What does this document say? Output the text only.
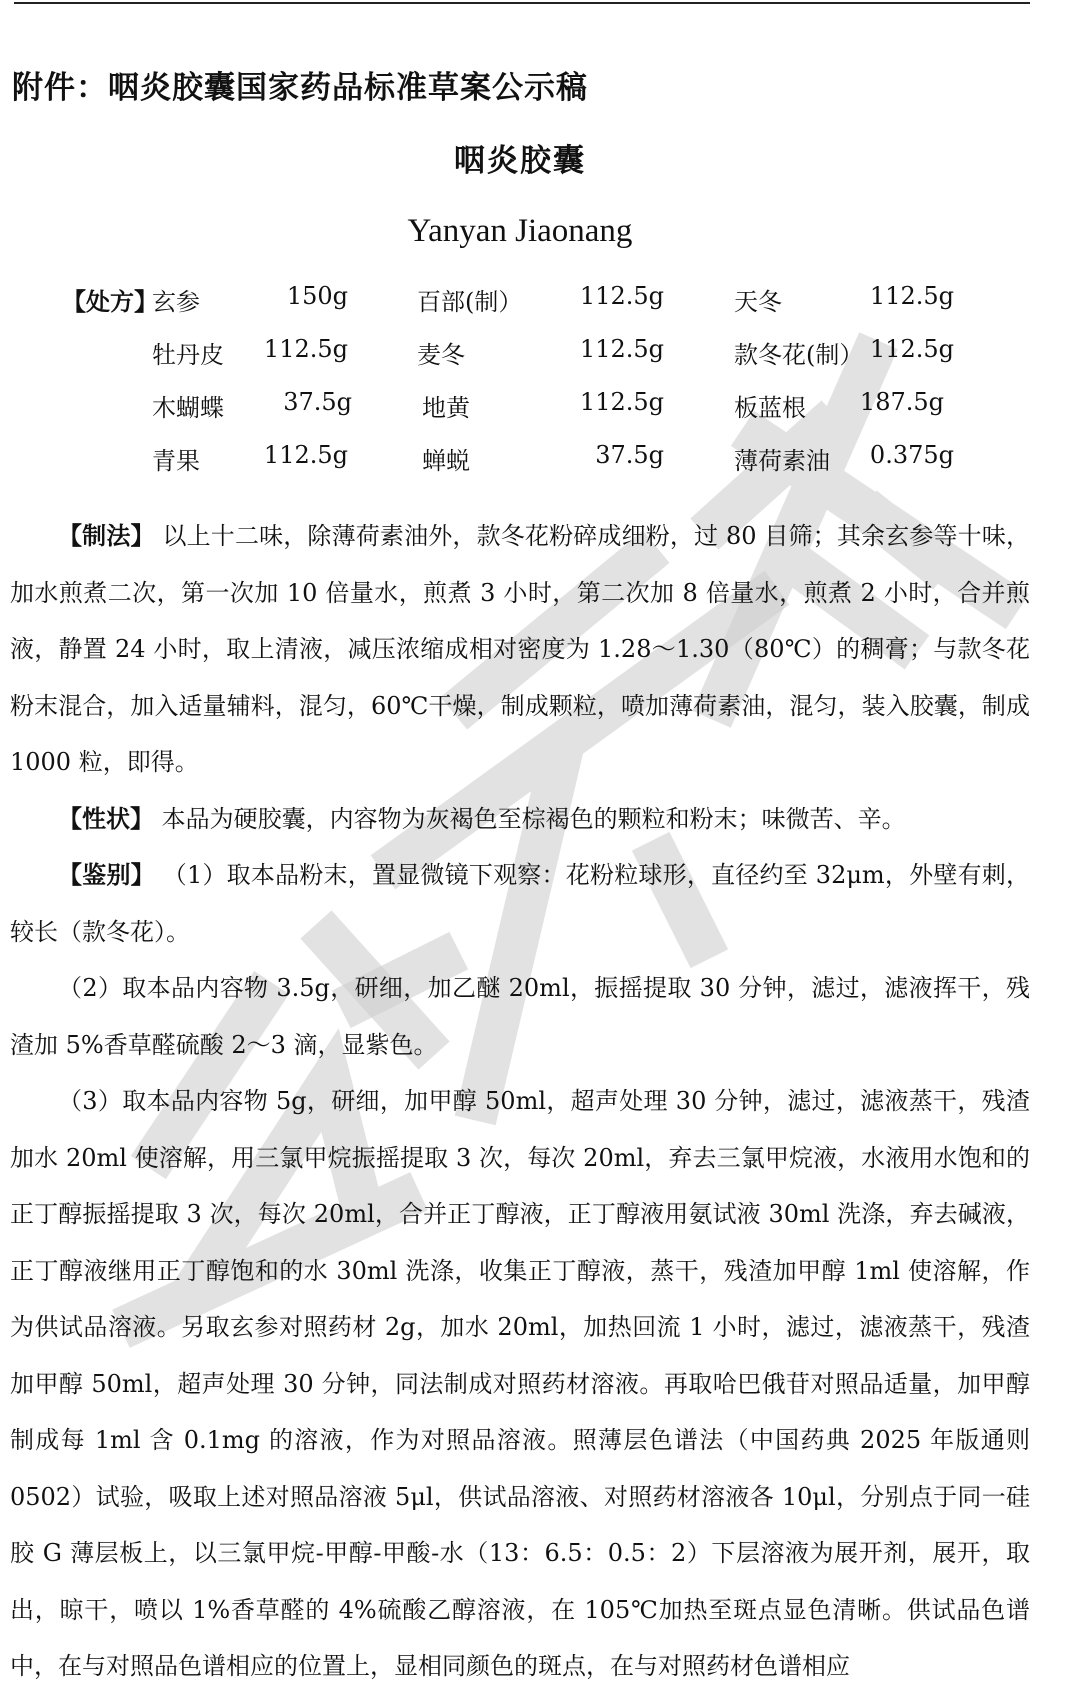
附件：咽炎胶囊国家药品标准草案公示稿
咽炎胶囊
Yanyan Jiaonang
【处方】
玄参	150g	百部(制）	112.5g	天冬	112.5g
牡丹皮	112.5g	麦冬	112.5g	款冬花(制） 112.5g
木蝴蝶	37.5g	地黄	112.5g	板蓝根	187.5g
青果	112.5g	蝉蜕	37.5g	薄荷素油	0.375g

【制法】 以上十二味，除薄荷素油外，款冬花粉碎成细粉，过 80 目筛；其余玄参等十味，加水煎煮二次，第一次加 10 倍量水，煎煮 3 小时，第二次加 8 倍量水，煎煮 2 小时，合并煎液，静置 24 小时，取上清液，减压浓缩成相对密度为 1.28～1.30（80℃）的稠膏；与款冬花粉末混合，加入适量辅料，混匀，60℃干燥，制成颗粒，喷加薄荷素油，混匀，装入胶囊，制成 1000 粒，即得。

【性状】 本品为硬胶囊，内容物为灰褐色至棕褐色的颗粒和粉末；味微苦、辛。

【鉴别】 （1）取本品粉末，置显微镜下观察：花粉粒球形，直径约至 32μm，外壁有刺，较长（款冬花）。

（2）取本品内容物 3.5g，研细，加乙醚 20ml，振摇提取 30 分钟，滤过，滤液挥干，残渣加 5%香草醛硫酸 2～3 滴，显紫色。

（3）取本品内容物 5g，研细，加甲醇 50ml，超声处理 30 分钟，滤过，滤液蒸干，残渣加水 20ml 使溶解，用三氯甲烷振摇提取 3 次，每次 20ml，弃去三氯甲烷液，水液用水饱和的正丁醇振摇提取 3 次，每次 20ml，合并正丁醇液，正丁醇液用氨试液 30ml 洗涤，弃去碱液，正丁醇液继用正丁醇饱和的水 30ml 洗涤，收集正丁醇液，蒸干，残渣加甲醇 1ml 使溶解，作为供试品溶液。另取玄参对照药材 2g，加水 20ml，加热回流 1 小时，滤过，滤液蒸干，残渣加甲醇 50ml，超声处理 30 分钟，同法制成对照药材溶液。再取哈巴俄苷对照品适量，加甲醇制成每 1ml 含 0.1mg 的溶液，作为对照品溶液。照薄层色谱法（中国药典 2025 年版通则 0502）试验，吸取上述对照品溶液 5μl，供试品溶液、对照药材溶液各 10μl，分别点于同一硅胶 G 薄层板上，以三氯甲烷-甲醇-甲酸-水（13：6.5：0.5：2）下层溶液为展开剂，展开，取出，晾干，喷以 1%香草醛的 4%硫酸乙醇溶液，在 105℃加热至斑点显色清晰。供试品色谱中，在与对照品色谱相应的位置上，显相同颜色的斑点，在与对照药材色谱相应
